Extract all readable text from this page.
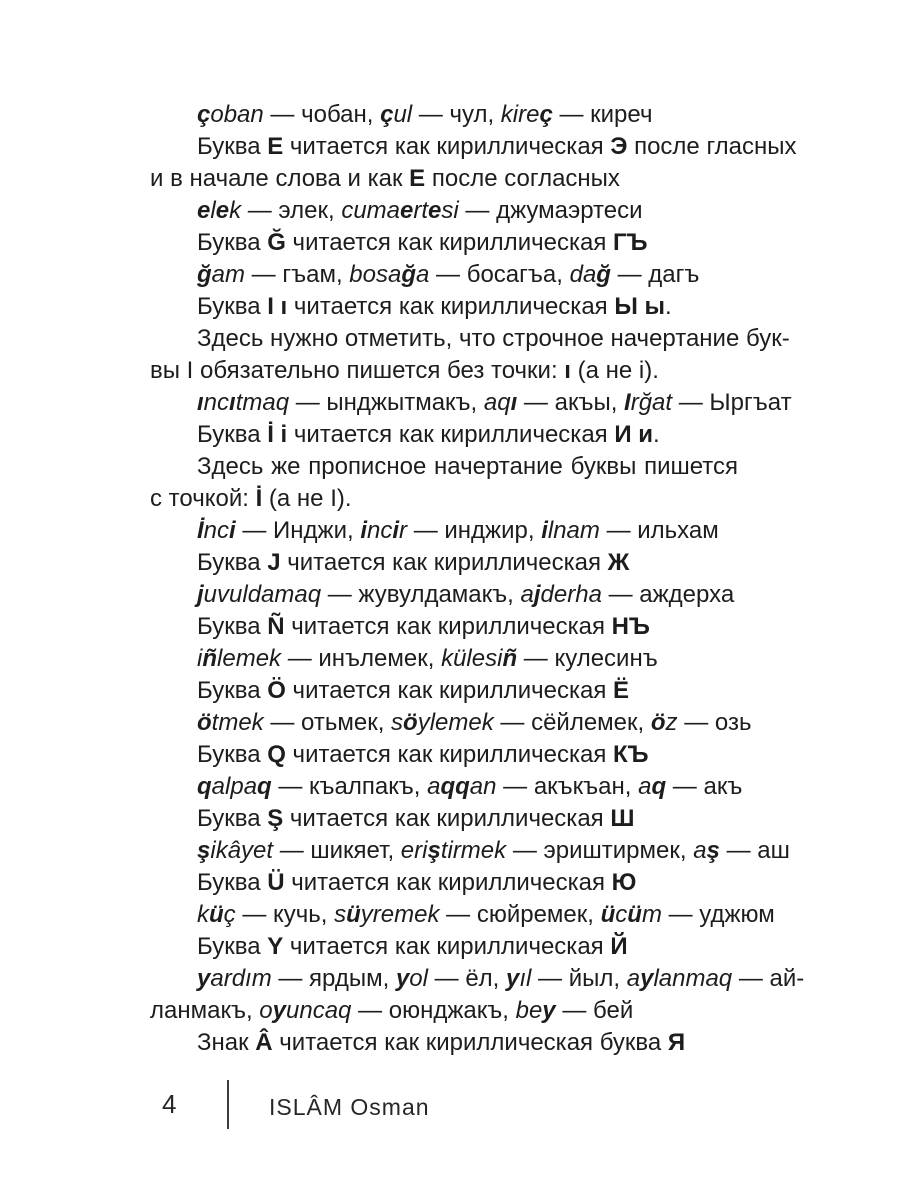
çoban — чобан, çul — чул, kireç — киреч
Буква Е читается как кириллическая Э после гласных
и в начале слова и как Е после согласных
elek — элек, cumaertesi — джумаэртеси
Буква Ğ читается как кириллическая ГЪ
ğam — гъам, bosağa — босагъа, dağ — дагъ
Буква I ı читается как кириллическая Ы ы.
Здесь нужно отметить, что строчное начертание бук-
вы I обязательно пишется без точки: ı (а не i).
ıncıtmaq — ынджытмакъ, aqı — акъы, Irğat — Ыргъат
Буква İ i читается как кириллическая И и.
Здесь же прописное начертание буквы пишется
с точкой: İ (а не I).
İnci — Инджи, incir — инджир, ilnam — ильхам
Буква J читается как кириллическая Ж
juvuldamaq — жувулдамакъ, ajderha — аждерха
Буква Ñ читается как кириллическая НЪ
iñlemek — инълемек, külesiñ — кулесинъ
Буква Ö читается как кириллическая Ё
ötmek — отьмек, söylemek — сёйлемек, öz — озь
Буква Q читается как кириллическая КЪ
qalpaq — къалпакъ, aqqan — акъкъан, aq — акъ
Буква Ş читается как кириллическая Ш
şikâyet — шикяет, eriştirmek — эриштирмек, aş — аш
Буква Ü читается как кириллическая Ю
küç — кучь, süyremek — сюйремек, ücüm — уджюм
Буква Y читается как кириллическая Й
yardım — ярдым, yol — ёл, yıl — йыл, aylanmaq — ай-
ланмакъ, oyuncaq — оюнджакъ, bey — бей
Знак Â читается как кириллическая буква Я
4	ISLÂM Osman
